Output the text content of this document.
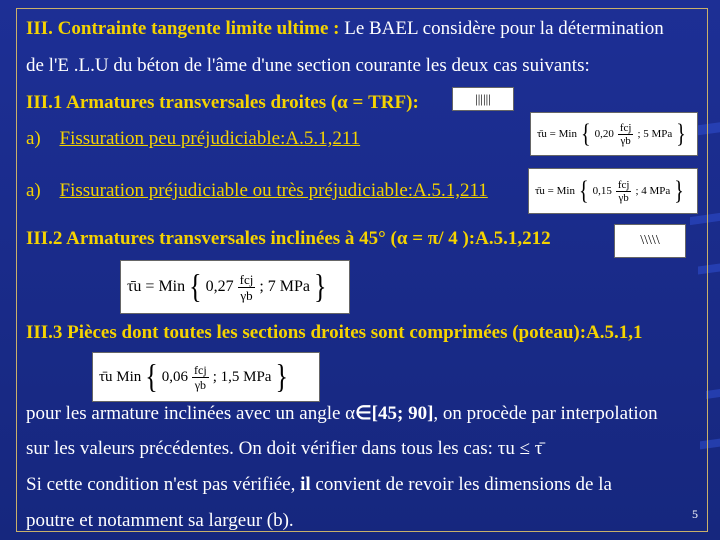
III. Contrainte tangente limite ultime : Le BAEL considère pour la détermination
de l'E .L.U du béton de l'âme d'une section courante les deux cas suivants:
III.1 Armatures transversales droites (α = TRF):	||||||
a) Fissuration peu préjudiciable:A.5.1,211	τ̄u = Min { $0,20 \frac{\text{fcj}}{\gamma b}$ ; 5 MPa }
a) Fissuration préjudiciable ou très préjudiciable:A.5.1,211	τ̄u = Min { $0,15 \frac{\text{fcj}}{\gamma b}$ ; 4 MPa }
III.2 Armatures transversales inclinées à 45° (α = π/ 4 ):A.5.1,212	\\\\\
τ̄u = Min { $0,27 \frac{\text{fcj}}{\gamma b}$ ; 7 MPa }
III.3 Pièces dont toutes les sections droites sont comprimées (poteau):A.5.1,1
τ̄u Min { $0,06 \frac{\text{fcj}}{\gamma b}$ ; 1,5 MPa }
pour les armature inclinées avec un angle α∈[45; 90], on procède par interpolation
sur les valeurs précédentes. On doit vérifier dans tous les cas: τu ≤ τ̄
Si cette condition n'est pas vérifiée, il convient de revoir les dimensions de la
poutre et notamment sa largeur (b).	5
